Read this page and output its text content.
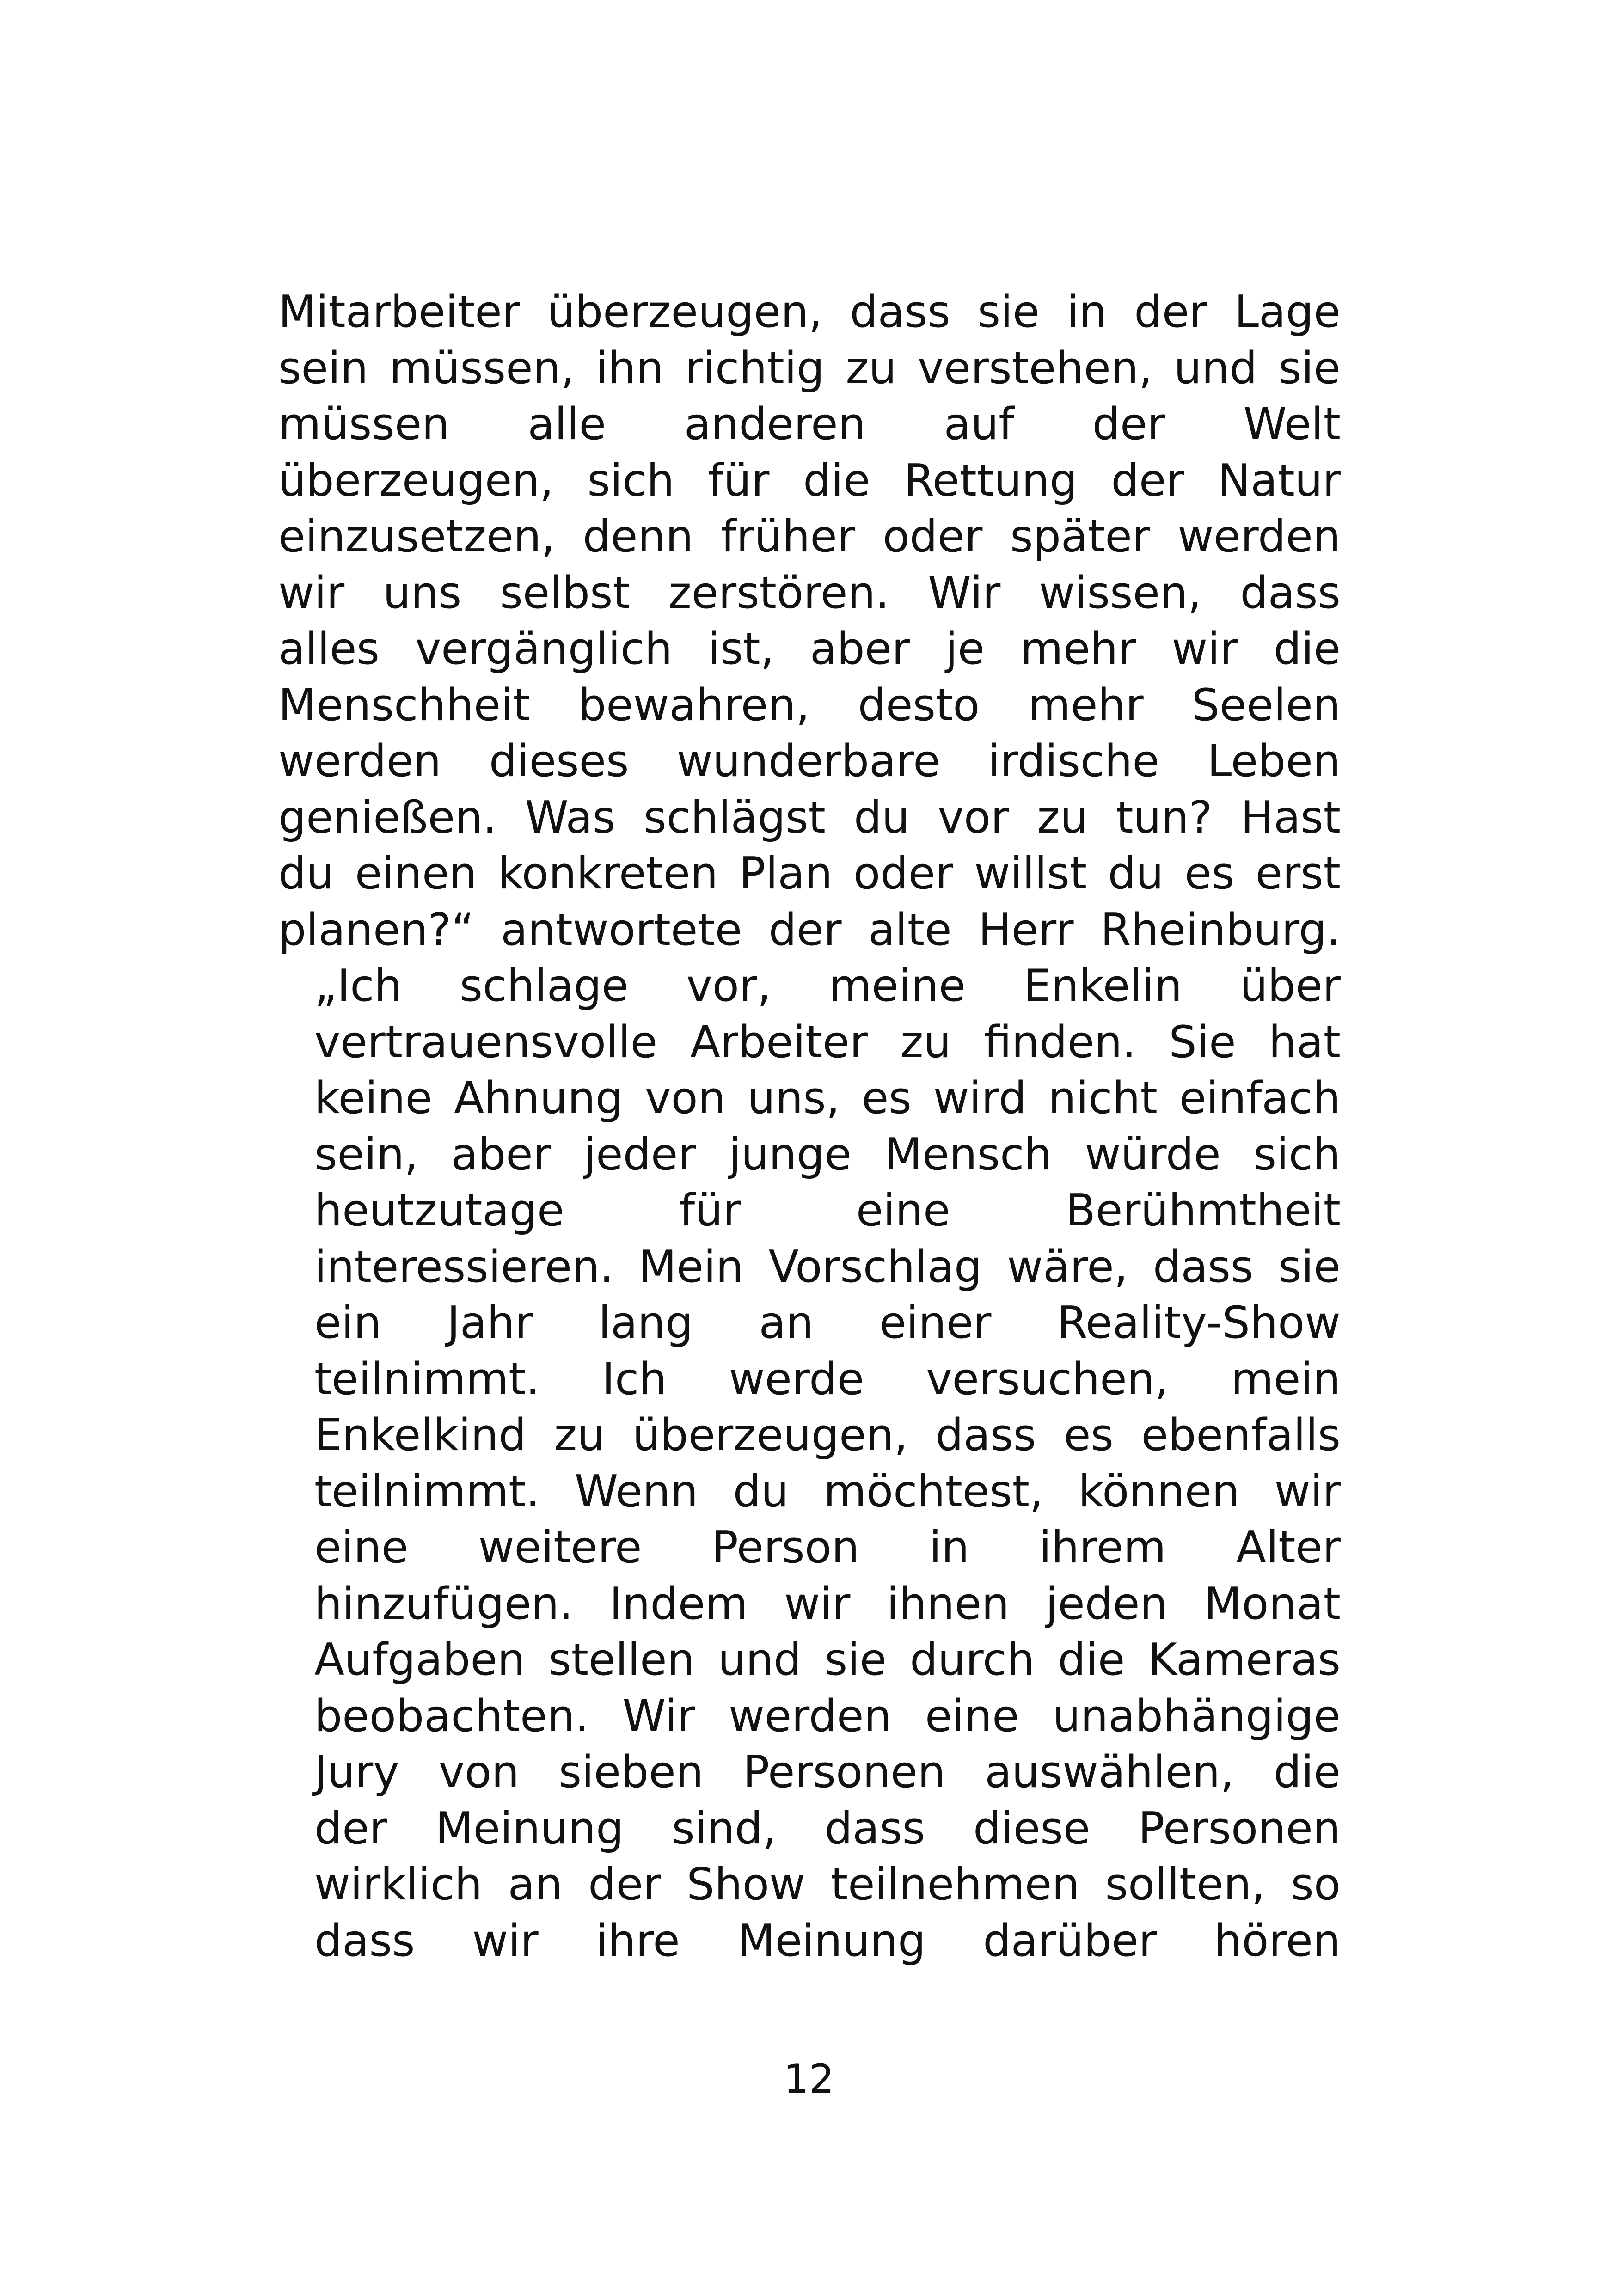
Mitarbeiter überzeugen, dass sie in der Lage
sein müssen, ihn richtig zu verstehen, und sie
müssen alle anderen auf der Welt
überzeugen, sich für die Rettung der Natur
einzusetzen, denn früher oder später werden
wir uns selbst zerstören. Wir wissen, dass
alles vergänglich ist, aber je mehr wir die
Menschheit bewahren, desto mehr Seelen
werden dieses wunderbare irdische Leben
genießen. Was schlägst du vor zu tun? Hast
du einen konkreten Plan oder willst du es erst
planen?“ antwortete der alte Herr Rheinburg.
„Ich schlage vor, meine Enkelin über
vertrauensvolle Arbeiter zu finden. Sie hat
keine Ahnung von uns, es wird nicht einfach
sein, aber jeder junge Mensch würde sich
heutzutage für eine Berühmtheit
interessieren. Mein Vorschlag wäre, dass sie
ein Jahr lang an einer Reality-Show
teilnimmt. Ich werde versuchen, mein
Enkelkind zu überzeugen, dass es ebenfalls
teilnimmt. Wenn du möchtest, können wir
eine weitere Person in ihrem Alter
hinzufügen. Indem wir ihnen jeden Monat
Aufgaben stellen und sie durch die Kameras
beobachten. Wir werden eine unabhängige
Jury von sieben Personen auswählen, die
der Meinung sind, dass diese Personen
wirklich an der Show teilnehmen sollten, so
dass wir ihre Meinung darüber hören
12
